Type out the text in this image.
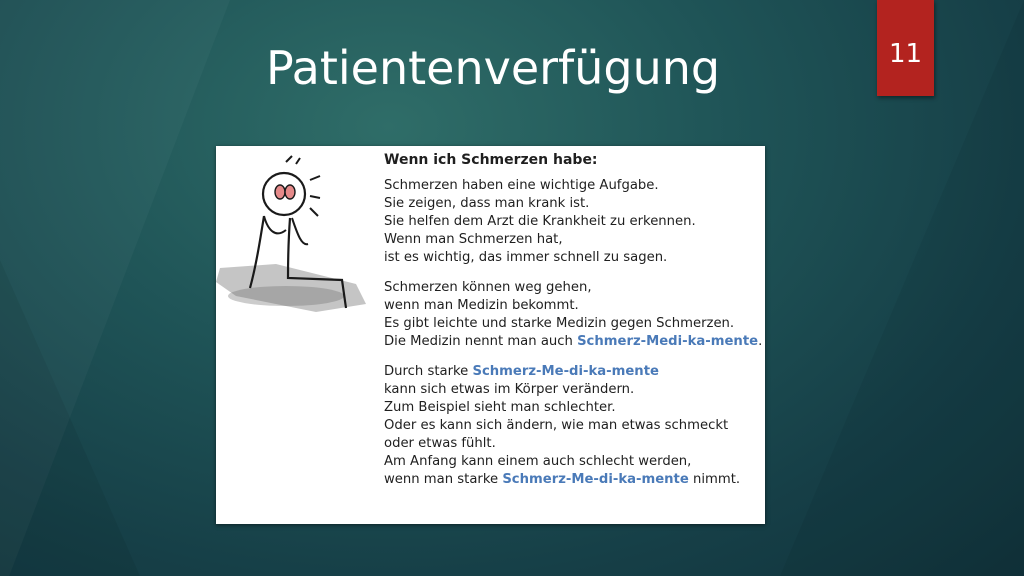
Patientenverfügung	11
Wenn ich Schmerzen habe:
Schmerzen haben eine wichtige Aufgabe.
Sie zeigen, dass man krank ist.
Sie helfen dem Arzt die Krankheit zu erkennen.
Wenn man Schmerzen hat,
ist es wichtig, das immer schnell zu sagen.
Schmerzen können weg gehen,
wenn man Medizin bekommt.
Es gibt leichte und starke Medizin gegen Schmerzen.
Die Medizin nennt man auch Schmerz-Medi-ka-mente.
Durch starke Schmerz-Me-di-ka-mente
kann sich etwas im Körper verändern.
Zum Beispiel sieht man schlechter.
Oder es kann sich ändern, wie man etwas schmeckt
oder etwas fühlt.
Am Anfang kann einem auch schlecht werden,
wenn man starke Schmerz-Me-di-ka-mente nimmt.
